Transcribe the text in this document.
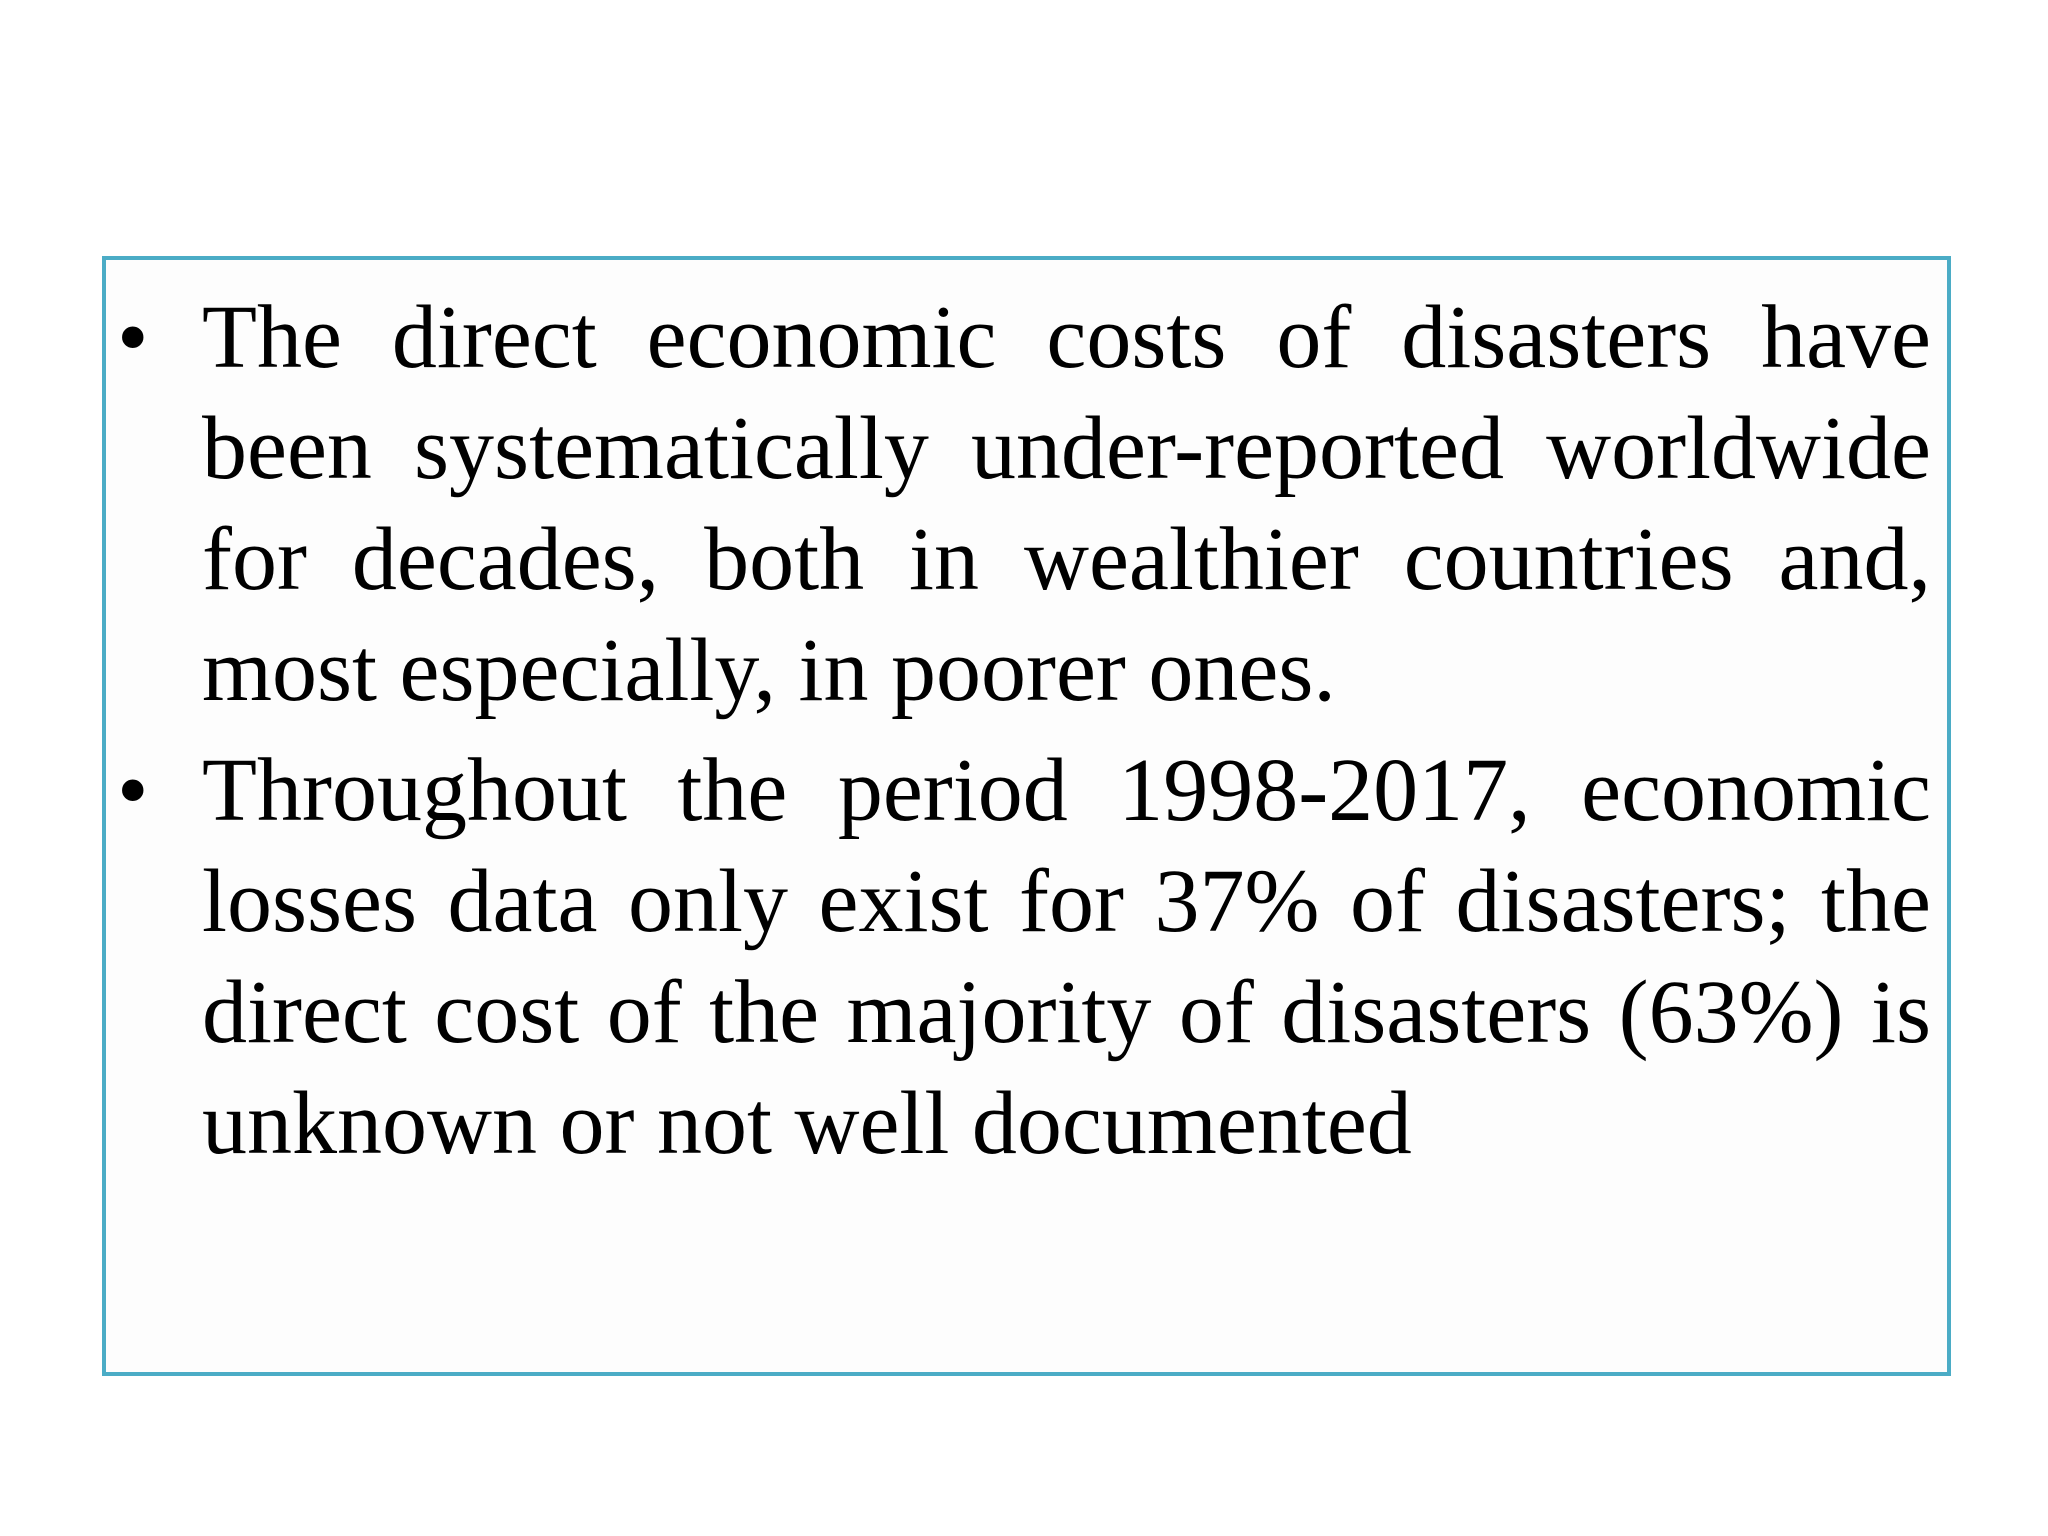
• The direct economic costs of disasters have been systematically under-reported worldwide for decades, both in wealthier countries and, most especially, in poorer ones.
• Throughout the period 1998-2017, economic losses data only exist for 37% of disasters; the direct cost of the majority of disasters (63%) is unknown or not well documented
